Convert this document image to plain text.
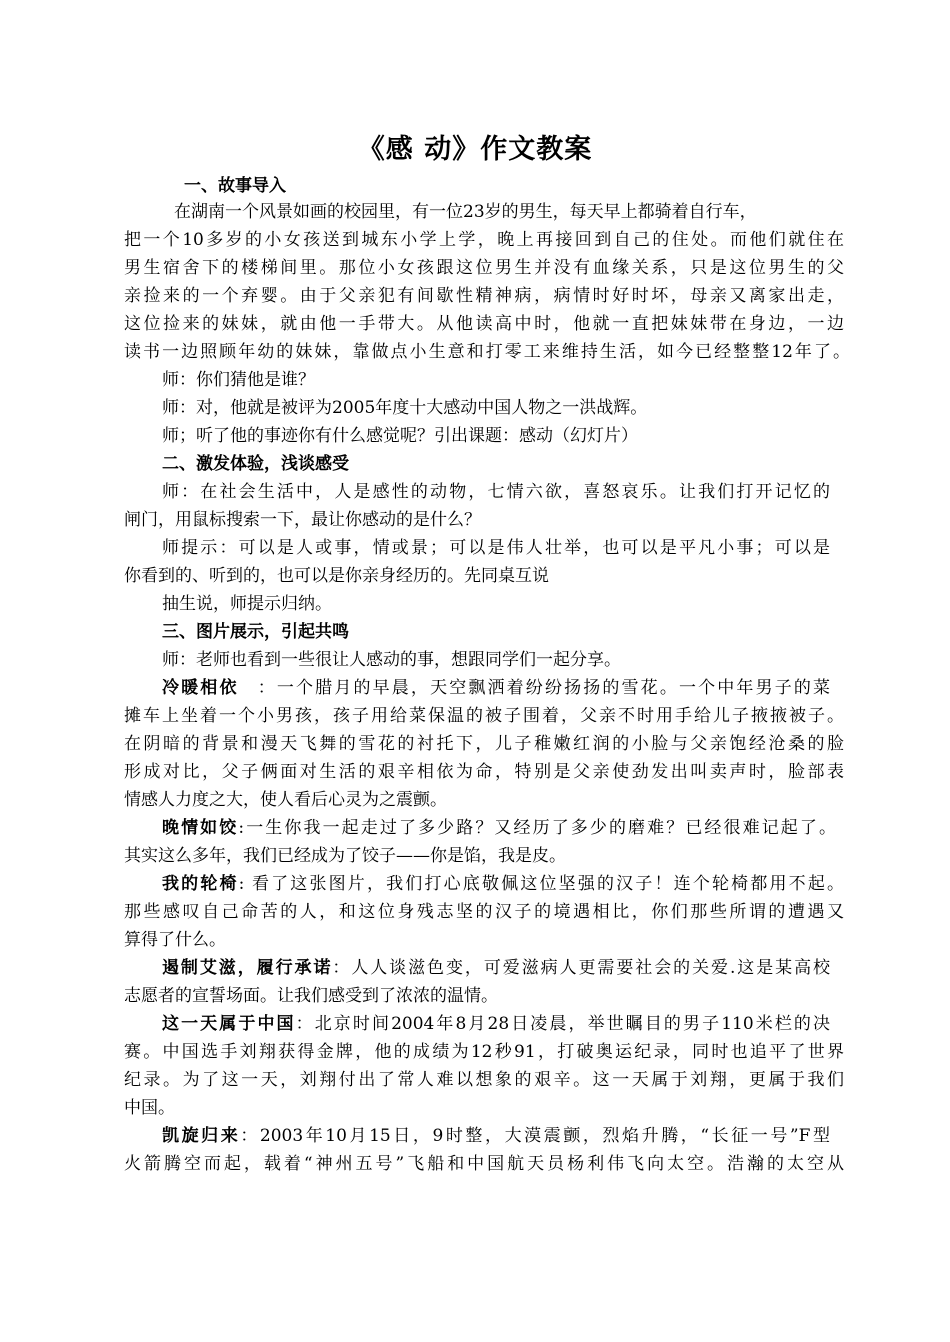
《感 动》作文教案
一、故事导入
在湖南一个风景如画的校园里，有一位23岁的男生，每天早上都骑着自行车，
把一个10多岁的小女孩送到城东小学上学，晚上再接回到自己的住处。而他们就住在
男生宿舍下的楼梯间里。那位小女孩跟这位男生并没有血缘关系，只是这位男生的父
亲捡来的一个弃婴。由于父亲犯有间歇性精神病，病情时好时坏，母亲又离家出走，
这位捡来的妹妹，就由他一手带大。从他读高中时，他就一直把妹妹带在身边，一边
读书一边照顾年幼的妹妹，靠做点小生意和打零工来维持生活，如今已经整整12年了。
师：你们猜他是谁？
师：对，他就是被评为2005年度十大感动中国人物之一洪战辉。
师；听了他的事迹你有什么感觉呢？引出课题：感动（幻灯片）
二、激发体验，浅谈感受
师：在社会生活中，人是感性的动物，七情六欲，喜怒哀乐。让我们打开记忆的
闸门，用鼠标搜索一下，最让你感动的是什么？
师提示：可以是人或事，情或景；可以是伟人壮举，也可以是平凡小事；可以是
你看到的、听到的，也可以是你亲身经历的。先同桌互说
抽生说，师提示归纳。
三、图片展示，引起共鸣
师：老师也看到一些很让人感动的事，想跟同学们一起分享。
冷暖相依　：一个腊月的早晨，天空飘洒着纷纷扬扬的雪花。一个中年男子的菜
摊车上坐着一个小男孩，孩子用给菜保温的被子围着，父亲不时用手给儿子掖掖被子。
在阴暗的背景和漫天飞舞的雪花的衬托下，儿子稚嫩红润的小脸与父亲饱经沧桑的脸
形成对比，父子俩面对生活的艰辛相依为命，特别是父亲使劲发出叫卖声时，脸部表
情感人力度之大，使人看后心灵为之震颤。
晚情如饺:一生你我一起走过了多少路？又经历了多少的磨难？已经很难记起了。
其实这么多年，我们已经成为了饺子——你是馅，我是皮。
我的轮椅: 看了这张图片，我们打心底敬佩这位坚强的汉子！连个轮椅都用不起。
那些感叹自己命苦的人，和这位身残志坚的汉子的境遇相比，你们那些所谓的遭遇又
算得了什么。
遏制艾滋，履行承诺：人人谈滋色变，可爱滋病人更需要社会的关爱.这是某高校
志愿者的宣誓场面。让我们感受到了浓浓的温情。
这一天属于中国：北京时间2004年8月28日凌晨，举世瞩目的男子110米栏的决
赛。中国选手刘翔获得金牌，他的成绩为12秒91，打破奥运纪录，同时也追平了世界
纪录。为了这一天，刘翔付出了常人难以想象的艰辛。这一天属于刘翔，更属于我们
中国。
凯旋归来：2003年10月15日，9时整，大漠震颤，烈焰升腾，“长征一号”F型
火箭腾空而起，载着“神州五号”飞船和中国航天员杨利伟飞向太空。浩瀚的太空从
